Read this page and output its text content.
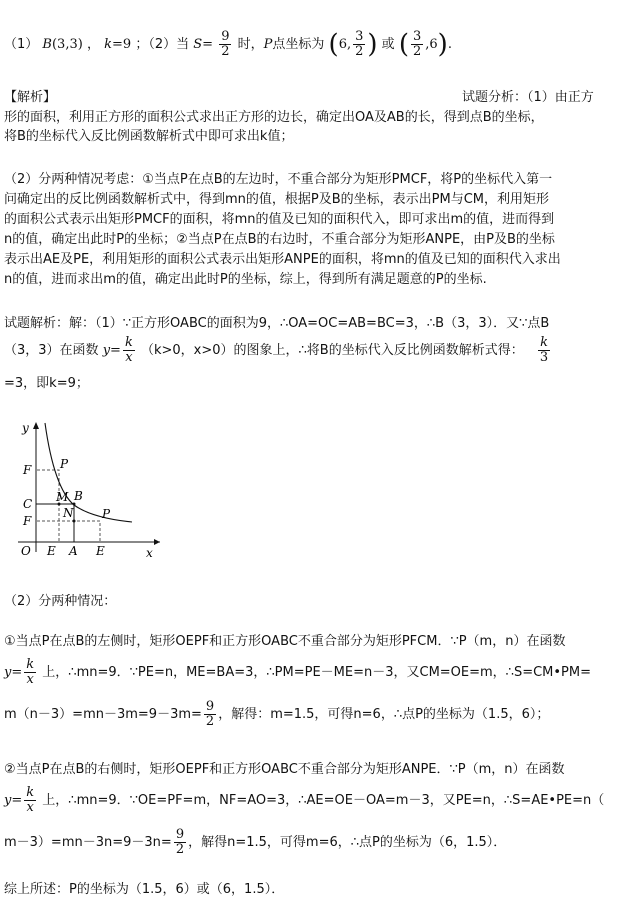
（1） B(3,3) ， k=9 ；（2）当 $S= \frac{9}{2}$ 时，P点坐标为 (6, $\frac{3}{2}$ ) 或 ( $\frac{3}{2} ,6$).
【解析】	试题分析：（1）由正方
形的面积，利用正方形的面积公式求出正方形的边长，确定出OA及AB的长，得到点B的坐标，
将B的坐标代入反比例函数解析式中即可求出k值；
（2）分两种情况考虑：①当点P在点B的左边时，不重合部分为矩形PMCF，将P的坐标代入第一
问确定出的反比例函数解析式中，得到mn的值，根据P及B的坐标，表示出PM与CM，利用矩形
的面积公式表示出矩形PMCF的面积，将mn的值及已知的面积代入，即可求出m的值，进而得到
n的值，确定出此时P的坐标；②当点P在点B的右边时，不重合部分为矩形ANPE，由P及B的坐标
表示出AE及PE，利用矩形的面积公式表示出矩形ANPE的面积，将mn的值及已知的面积代入求出
n的值，进而求出m的值，确定出此时P的坐标，综上，得到所有满足题意的P的坐标.
试题解析：解：（1）∵正方形OABC的面积为9，∴OA=OC=AB=BC=3，∴B（3，3）．又∵点B
（3，3）在函数 $y= \frac{k}{x} (k>0$，x>0）的图象上，∴将B的坐标代入反比例函数解析式得： $\frac{k}{3}$
=3，即k=9；
y
x
O
F
C
F
P
M B
N P
E A E
（2）分两种情况：
①当点P在点B的左侧时，矩形OEPF和正方形OABC不重合部分为矩形PFCM．∵P（m，n）在函数
$y= \frac{k}{x}$ 上，∴mn=9．∵PE=n，ME=BA=3，∴PM=PE－ME=n－3，又CM=OE=m，∴S=CM•PM=
$m(n-3)=mn-3m=9-3m= \frac{9}{2}$ ，解得：m=1.5，可得n=6，∴点P的坐标为（1.5，6）；
②当点P在点B的右侧时，矩形OEPF和正方形OABC不重合部分为矩形ANPE．∵P（m，n）在函数
$y= \frac{k}{x}$ 上，∴mn=9．∵OE=PF=m，NF=AO=3，∴AE=OE－OA=m－3，又PE=n，∴S=AE•PE=n（
$m-3)=mn-3n=9-3n= \frac{9}{2}$ ，解得n=1.5，可得m=6，∴点P的坐标为（6，1.5）．
综上所述：P的坐标为（1.5，6）或（6，1.5）．
